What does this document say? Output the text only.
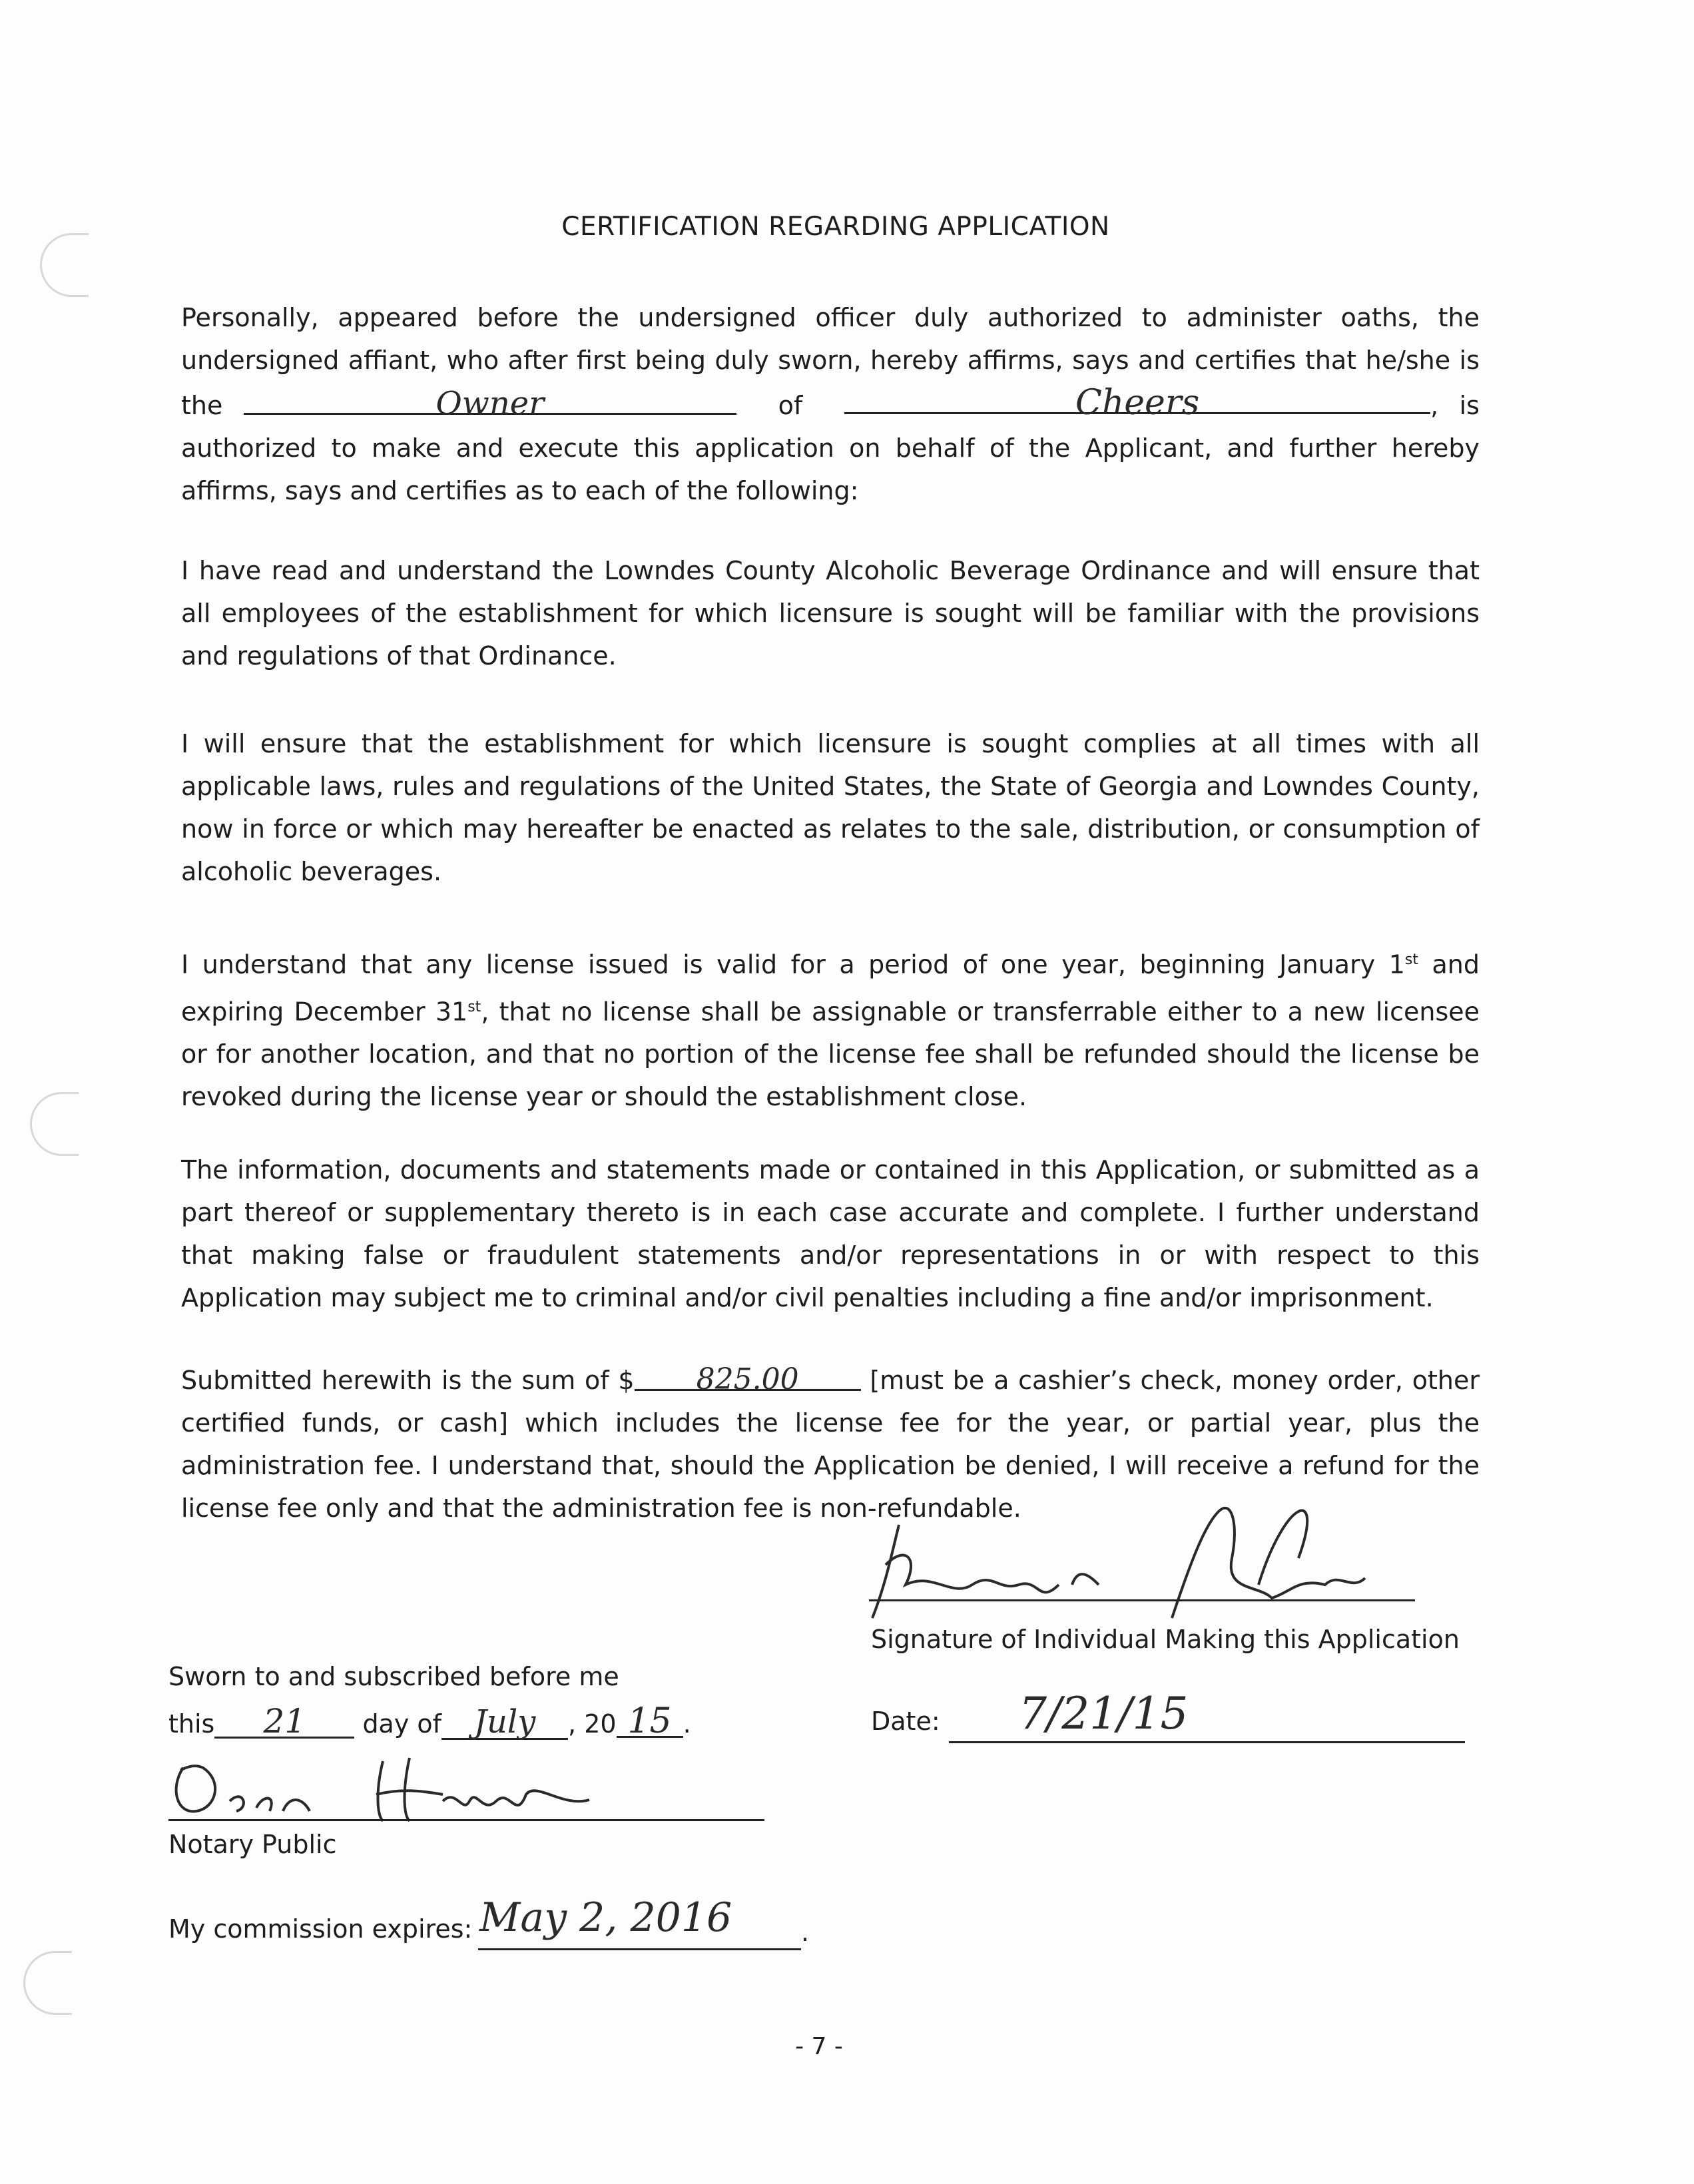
CERTIFICATION REGARDING APPLICATION
Personally, appeared before the undersigned officer duly authorized to administer oaths, the undersigned affiant, who after first being duly sworn, hereby affirms, says and certifies that he/she is the	Owner	of	Cheers	, is authorized to make and execute this application on behalf of the Applicant, and further hereby affirms, says and certifies as to each of the following:
I have read and understand the Lowndes County Alcoholic Beverage Ordinance and will ensure that all employees of the establishment for which licensure is sought will be familiar with the provisions and regulations of that Ordinance.
I will ensure that the establishment for which licensure is sought complies at all times with all applicable laws, rules and regulations of the United States, the State of Georgia and Lowndes County, now in force or which may hereafter be enacted as relates to the sale, distribution, or consumption of alcoholic beverages.
I understand that any license issued is valid for a period of one year, beginning January 1st and expiring December 31st, that no license shall be assignable or transferrable either to a new licensee or for another location, and that no portion of the license fee shall be refunded should the license be revoked during the license year or should the establishment close.
The information, documents and statements made or contained in this Application, or submitted as a part thereof or supplementary thereto is in each case accurate and complete. I further understand that making false or fraudulent statements and/or representations in or with respect to this Application may subject me to criminal and/or civil penalties including a fine and/or imprisonment.
Submitted herewith is the sum of $ 825.00 [must be a cashier’s check, money order, other certified funds, or cash] which includes the license fee for the year, or partial year, plus the administration fee. I understand that, should the Application be denied, I will receive a refund for the license fee only and that the administration fee is non-refundable.
Signature of Individual Making this Application
Date: 7/21/15
Sworn to and subscribed before me
this 21 day of July , 20 15 .
Notary Public
My commission expires: May 2, 2016	.
- 7 -
